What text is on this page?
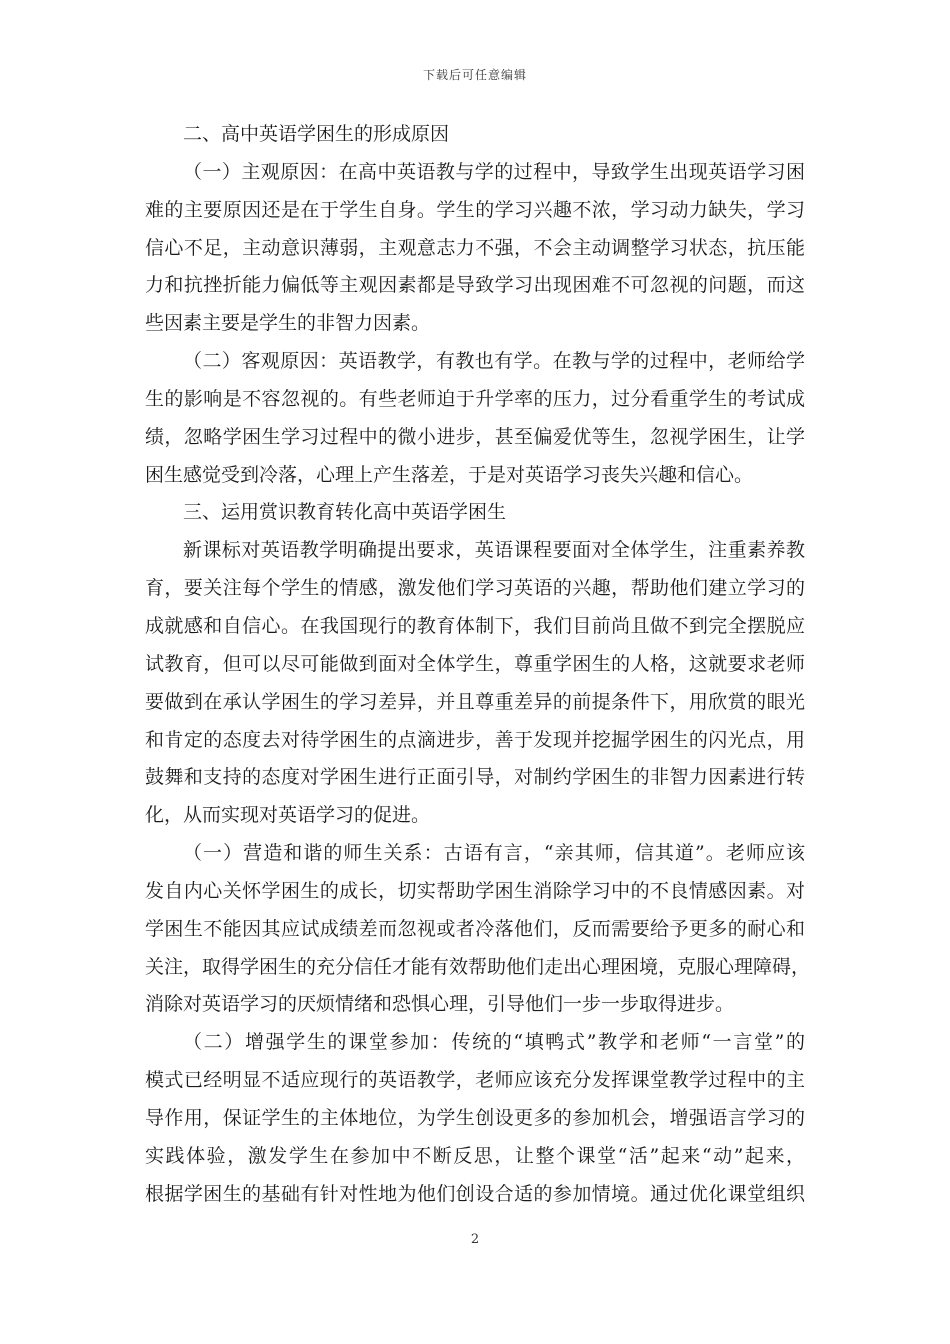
下载后可任意编辑
二、高中英语学困生的形成原因
（一）主观原因：在高中英语教与学的过程中，导致学生出现英语学习困
难的主要原因还是在于学生自身。学生的学习兴趣不浓，学习动力缺失，学习
信心不足，主动意识薄弱，主观意志力不强，不会主动调整学习状态，抗压能
力和抗挫折能力偏低等主观因素都是导致学习出现困难不可忽视的问题，而这
些因素主要是学生的非智力因素。
（二）客观原因：英语教学，有教也有学。在教与学的过程中，老师给学
生的影响是不容忽视的。有些老师迫于升学率的压力，过分看重学生的考试成
绩，忽略学困生学习过程中的微小进步，甚至偏爱优等生，忽视学困生，让学
困生感觉受到冷落，心理上产生落差，于是对英语学习丧失兴趣和信心。
三、运用赏识教育转化高中英语学困生
新课标对英语教学明确提出要求，英语课程要面对全体学生，注重素养教
育，要关注每个学生的情感，激发他们学习英语的兴趣，帮助他们建立学习的
成就感和自信心。在我国现行的教育体制下，我们目前尚且做不到完全摆脱应
试教育，但可以尽可能做到面对全体学生，尊重学困生的人格，这就要求老师
要做到在承认学困生的学习差异，并且尊重差异的前提条件下，用欣赏的眼光
和肯定的态度去对待学困生的点滴进步，善于发现并挖掘学困生的闪光点，用
鼓舞和支持的态度对学困生进行正面引导，对制约学困生的非智力因素进行转
化，从而实现对英语学习的促进。
（一）营造和谐的师生关系：古语有言，“亲其师，信其道”。老师应该
发自内心关怀学困生的成长，切实帮助学困生消除学习中的不良情感因素。对
学困生不能因其应试成绩差而忽视或者冷落他们，反而需要给予更多的耐心和
关注，取得学困生的充分信任才能有效帮助他们走出心理困境，克服心理障碍，
消除对英语学习的厌烦情绪和恐惧心理，引导他们一步一步取得进步。
（二）增强学生的课堂参加：传统的“填鸭式”教学和老师“一言堂”的
模式已经明显不适应现行的英语教学，老师应该充分发挥课堂教学过程中的主
导作用，保证学生的主体地位，为学生创设更多的参加机会，增强语言学习的
实践体验，激发学生在参加中不断反思，让整个课堂“活”起来“动”起来，
根据学困生的基础有针对性地为他们创设合适的参加情境。通过优化课堂组织
2
